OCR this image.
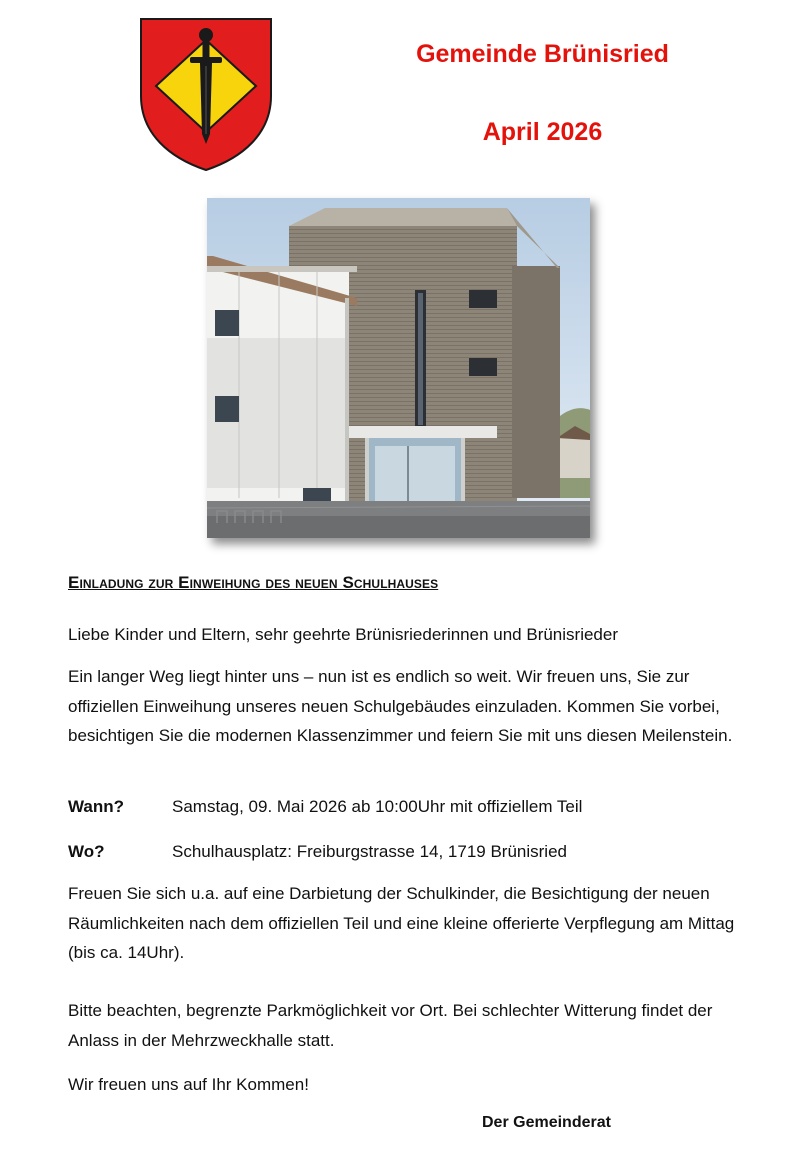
Gemeinde Brünisried
April 2026
Einladung zur Einweihung des neuen Schulhauses

Liebe Kinder und Eltern, sehr geehrte Brünisriederinnen und Brünisrieder

Ein langer Weg liegt hinter uns – nun ist es endlich so weit. Wir freuen uns, Sie zur offiziellen Einweihung unseres neuen Schulgebäudes einzuladen. Kommen Sie vorbei, besichtigen Sie die modernen Klassenzimmer und feiern Sie mit uns diesen Meilenstein.

Wann?	Samstag, 09. Mai 2026 ab 10:00Uhr mit offiziellem Teil
Wo?	Schulhausplatz: Freiburgstrasse 14, 1719 Brünisried

Freuen Sie sich u.a. auf eine Darbietung der Schulkinder, die Besichtigung der neuen Räumlichkeiten nach dem offiziellen Teil und eine kleine offerierte Verpflegung am Mittag (bis ca. 14Uhr).

Bitte beachten, begrenzte Parkmöglichkeit vor Ort. Bei schlechter Witterung findet der Anlass in der Mehrzweckhalle statt.

Wir freuen uns auf Ihr Kommen!

Der Gemeinderat
